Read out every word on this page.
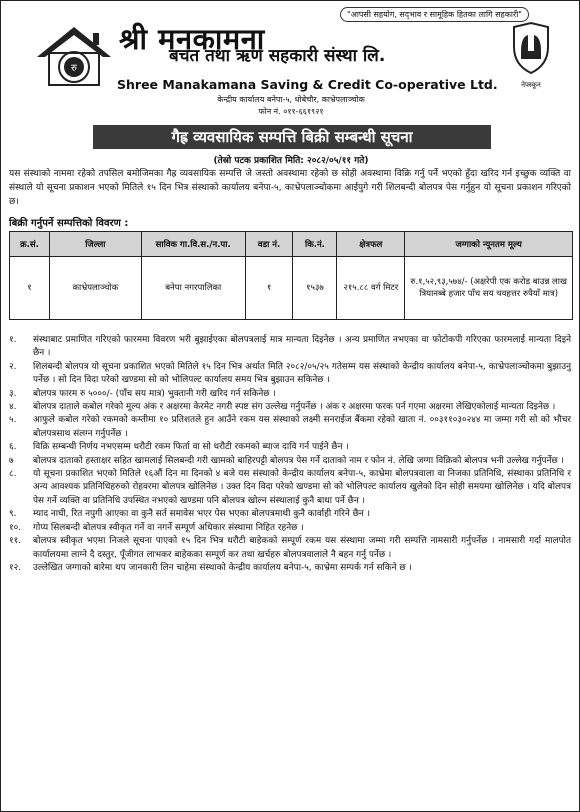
"आपसी सहयोग, सद्‌भाव र सामूहिक हितका लागि सहकारी"
रु
श्री मनकामना
बचत तथा ऋण सहकारी संस्था लि.
Shree Manakamana Saving & Credit Co-operative Ltd.	नेफ्स्कून
केन्द्रीय कार्यालय बनेपा-५, धोबेचौर, काभ्रेपलाञ्चोक
फोन नं. ०११-६६१९२१
गैह्र व्यवसायिक सम्पत्ति बिक्री सम्बन्धी सूचना
(तेस्रो पटक प्रकाशित मिति: २०८२/०५/११ गते)
यस संस्थाको नाममा रहेको तपसिल बमोजिमका गैह्र व्यवसायिक सम्पत्ति जे जस्तो अवस्थामा रहेको छ सोही अवस्थामा विक्रि गर्नु पर्ने भएको हुँदा खरिद गर्न इच्छुक व्यक्ति वा संस्थाले यो सूचना प्रकाशन भएको मितिले १५ दिन भित्र संस्थाको कार्यालय बनेपा-५, काभ्रेपलाञ्चोकमा आईपुगे गरी शिलबन्दी बोलपत्र पेस गर्नुहुन यो सूचना प्रकाशन गरिएको छ।
बिक्री गर्नुपर्ने सम्पत्तिको विवरण :
क्र.सं.	जिल्ला	साविक गा.वि.स./न.पा.	वडा नं.	कि.नं.	क्षेत्रफल	जग्गाको न्यूनतम मूल्य
१	काभ्रेपलाञ्चोक	बनेपा नगरपालिका	१	१५३७	२१५.८८ वर्ग मिटर	रु.१,५२,९३,५७४/- (अक्षरेपी एक करोड बाउन्न लाख त्रियानब्बे हजार पाँच सय चवहत्तर रुपैयाँ मात्र)
१.	संस्थाबाट प्रमाणित गरिएको फारममा विवरण भरी बुझाईएका बोलपत्रलाई मात्र मान्यता दिइनेछ । अन्य प्रमाणित नभएका वा फोटोकपी गरिएका फारमलाई मान्यता दिइने छैन ।
२.	शिलबन्दी बोलपत्र यो सूचना प्रकाशित भएको मितिले १५ दिन भित्र अर्थात मिति २०८२/०५/२५ गतेसम्म यस संस्थाको केन्द्रीय कार्यालय बनेपा-५, काभ्रेपलाञ्चोकमा बुझाउनु पर्नेछ । सो दिन विदा परेको खण्डमा सो को भोलिपल्ट कार्यालय समय भित्र बुझाउन सकिनेछ ।
३.	बोलपत्र फारम रु ५०००/- (पाँच सय मात्र) भुक्तानी गरी खरिद गर्न सकिनेछ ।
४.	बोलपत्र दाताले कबोल गरेको मूल्य अंक र अक्षरमा केरमेट नगरी स्पष्ट संग उल्लेख गर्नुपर्नेछ । अंक र अक्षरमा फरक पर्न गएमा अक्षरमा लेखिएकोलाई मान्यता दिइनेछ ।
५.	आफुले कबोल गरेको रकमको कम्तीमा १० प्रतिशतले हुन आउँने रकम यस संस्थाको लक्ष्मी सनराईज बैंकमा रहेको खाता नं. ००३११०३०२४४ मा जम्मा गरी सो को भौचर बोलपत्रसाथ संलग्न गर्नुपर्नेछ ।
६.	विक्रि सम्बन्धी निर्णय नभएसम्म धरौटी रकम फिर्ता वा सो धरौटी रकमको ब्याज दावि गर्न पाईने छैन ।
७	बोलपत्र दाताको हस्ताक्षर सहित खामलाई सिलबन्दी गरी खामको बाहिरपट्टी बोलपत्र पेस गर्ने दाताको नाम र फोन नं. लेखि जग्गा विक्रिको बोलपत्र भनी उल्लेख गर्नुपर्नेछ ।
८.	यो सूचना प्रकाशित भएको मितिले १६औं दिन मा दिनको ४ बजे यस संस्थाको केन्द्रीय कार्यालय बनेपा-५, काभ्रेमा बोलपत्रवाला वा निजका प्रतिनिधि, संस्थाका प्रतिनिधि र अन्य आवश्यक प्रतिनिधिहरुको रोहवरमा बोलपत्र खोलिनेछ । उक्त दिन विदा परेको खण्डमा सो को भोलिपल्ट कार्यालय खुलेको दिन सोही समयमा खोलिनेछ । यदि बोलपत्र पेस गर्ने व्यक्ति वा प्रतिनिधि उपस्थित नभएको खण्डमा पनि बोलपत्र खोल्न संस्थालाई कुनै बाधा पर्ने छैन ।
९.	म्याद नाघी, रित नपुगी आएका वा कुनै सर्त समावेस भएर पेस भएका बोलपत्रमाथी कुनै कार्वाही गरिने छैन ।
१०.	गोप्य सिलबन्दी बोलपत्र स्वीकृत गर्ने वा नगर्ने सम्पूर्ण अधिकार संस्थामा निहित रहनेछ ।
११.	बोलपत्र स्वीकृत भएमा निजले सूचना पाएको १५ दिन भित्र धरौटी बाहेकको सम्पूर्ण रकम यस संस्थामा जम्मा गरी सम्पत्ति नामसारी गर्नुपर्नेछ । नामसारी गर्दा मालपोत कार्यालयमा लाग्ने दै दस्तुर, पूँजीगत लाभकर बाहेकका सम्पूर्ण कर तथा खर्चहरु बोलपत्रवालाले नै बहन गर्नु पर्नेछ ।
१२.	उल्लेखित जग्गाको बारेमा थप जानकारी लिन चाहेमा संस्थाको केन्द्रीय कार्यालय बनेपा-५, काभ्रेमा सम्पर्क गर्न सकिने छ ।
